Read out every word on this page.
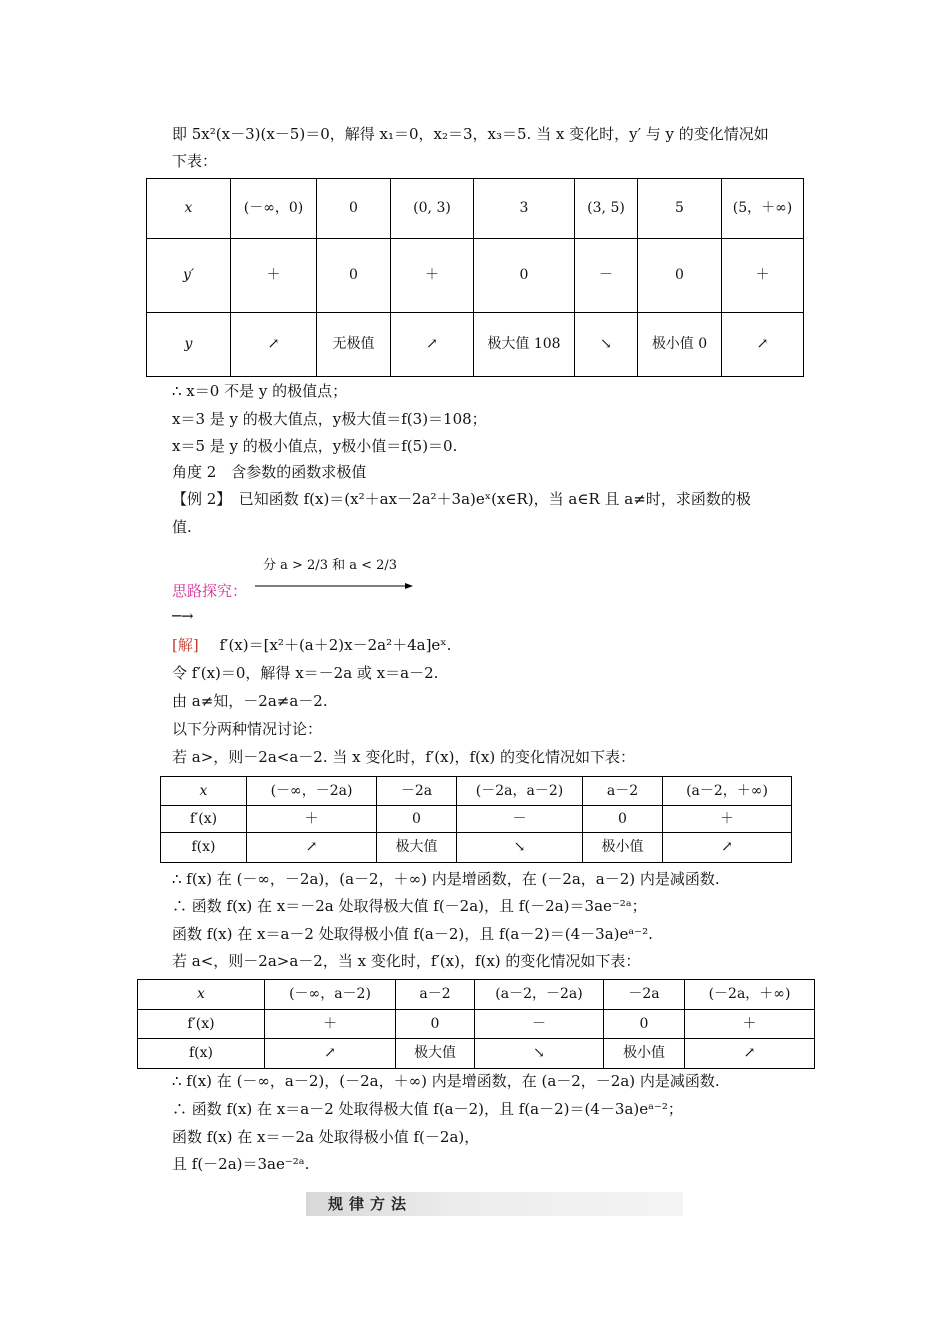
即 5x²(x－3)(x－5)＝0，解得 x₁＝0，x₂＝3，x₃＝5. 当 x 变化时，y′ 与 y 的变化情况如
下表：
x	(－∞，0)	0	(0, 3)	3	(3, 5)	5	(5，＋∞)
y′	＋	0	＋	0	－	0	＋
y	↗	无极值	↗	极大值 108	↘	极小值 0	↗
∴ x＝0 不是 y 的极值点；
x＝3 是 y 的极大值点，y极大值＝f(3)＝108；
x＝5 是 y 的极小值点，y极小值＝f(5)＝0.
角度 2　含参数的函数求极值
【例 2】　已知函数 f(x)＝(x²＋ax－2a²＋3a)eˣ(x∈R)，当 a∈R 且 a≠时，求函数的极
值.
思路探究：
分 a > 2/3 和 a < 2/3
─→
[解] f′(x)＝[x²＋(a＋2)x－2a²＋4a]eˣ.
令 f′(x)＝0，解得 x＝－2a 或 x＝a－2.
由 a≠知，－2a≠a－2.
以下分两种情况讨论：
若 a>，则－2a<a－2. 当 x 变化时，f′(x)，f(x) 的变化情况如下表：
x	(－∞，－2a)	－2a	(－2a，a－2)	a－2	(a－2，＋∞)
f′(x)	＋	0	－	0	＋
f(x)	↗	极大值	↘	极小值	↗
∴ f(x) 在 (－∞，－2a)，(a－2，＋∞) 内是增函数，在 (－2a，a－2) 内是减函数.
∴ 函数 f(x) 在 x＝－2a 处取得极大值 f(－2a)，且 f(－2a)＝3ae⁻²ᵃ；
函数 f(x) 在 x＝a－2 处取得极小值 f(a－2)，且 f(a－2)＝(4－3a)eᵃ⁻².
若 a<，则－2a>a－2，当 x 变化时，f′(x)，f(x) 的变化情况如下表：
x	(－∞，a－2)	a－2	(a－2，－2a)	－2a	(－2a，＋∞)
f′(x)	＋	0	－	0	＋
f(x)	↗	极大值	↘	极小值	↗
∴ f(x) 在 (－∞，a－2)，(－2a，＋∞) 内是增函数，在 (a－2，－2a) 内是减函数.
∴ 函数 f(x) 在 x＝a－2 处取得极大值 f(a－2)，且 f(a－2)＝(4－3a)eᵃ⁻²；
函数 f(x) 在 x＝－2a 处取得极小值 f(－2a)，
且 f(－2a)＝3ae⁻²ᵃ.
规律方法
